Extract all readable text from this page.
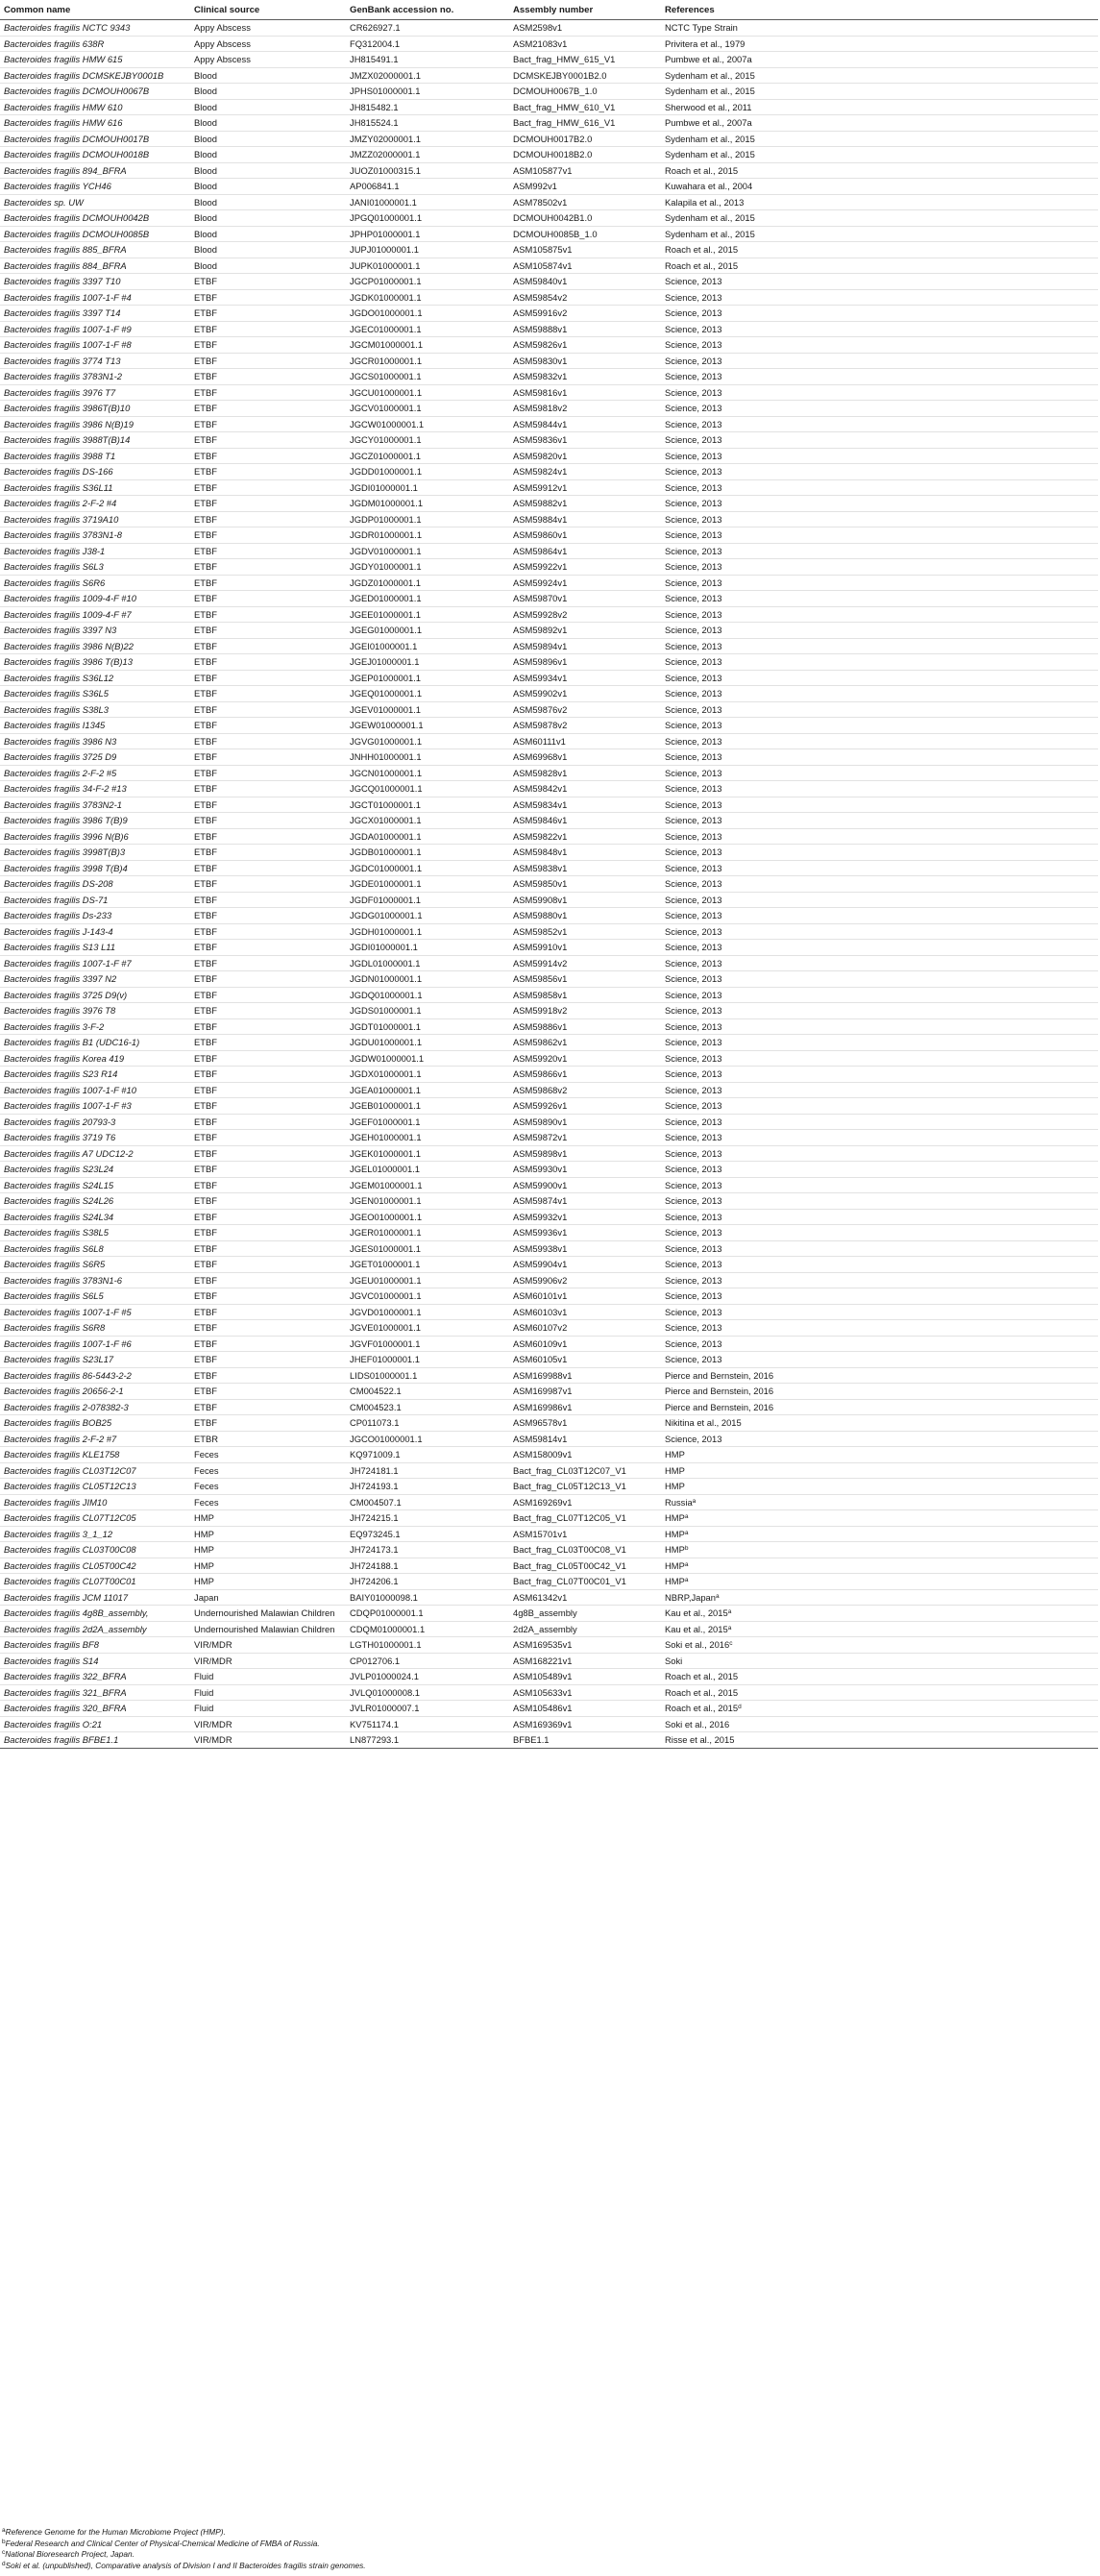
Common name	Clinical source	GenBank accession no.	Assembly number	References
Bacteroides fragilis NCTC 9343	Appy Abscess	CR626927.1	ASM2598v1	NCTC Type Strain
Bacteroides fragilis 638R	Appy Abscess	FQ312004.1	ASM21083v1	Privitera et al., 1979
Bacteroides fragilis HMW 615	Appy Abscess	JH815491.1	Bact_frag_HMW_615_V1	Pumbwe et al., 2007a
Bacteroides fragilis DCMSKEJBY0001B	Blood	JMZX02000001.1	DCMSKEJBY0001B2.0	Sydenham et al., 2015
Bacteroides fragilis DCMOUH0067B	Blood	JPHS01000001.1	DCMOUH0067B_1.0	Sydenham et al., 2015
Bacteroides fragilis HMW 610	Blood	JH815482.1	Bact_frag_HMW_610_V1	Sherwood et al., 2011
Bacteroides fragilis HMW 616	Blood	JH815524.1	Bact_frag_HMW_616_V1	Pumbwe et al., 2007a
Bacteroides fragilis DCMOUH0017B	Blood	JMZY02000001.1	DCMOUH0017B2.0	Sydenham et al., 2015
Bacteroides fragilis DCMOUH0018B	Blood	JMZZ02000001.1	DCMOUH0018B2.0	Sydenham et al., 2015
Bacteroides fragilis 894_BFRA	Blood	JUOZ01000315.1	ASM105877v1	Roach et al., 2015
Bacteroides fragilis YCH46	Blood	AP006841.1	ASM992v1	Kuwahara et al., 2004
Bacteroides sp. UW	Blood	JANI01000001.1	ASM78502v1	Kalapila et al., 2013
Bacteroides fragilis DCMOUH0042B	Blood	JPGQ01000001.1	DCMOUH0042B1.0	Sydenham et al., 2015
Bacteroides fragilis DCMOUH0085B	Blood	JPHP01000001.1	DCMOUH0085B_1.0	Sydenham et al., 2015
Bacteroides fragilis 885_BFRA	Blood	JUPJ01000001.1	ASM105875v1	Roach et al., 2015
Bacteroides fragilis 884_BFRA	Blood	JUPK01000001.1	ASM105874v1	Roach et al., 2015
Bacteroides fragilis 3397 T10	ETBF	JGCP01000001.1	ASM59840v1	Science, 2013
Bacteroides fragilis 1007-1-F #4	ETBF	JGDK01000001.1	ASM59854v2	Science, 2013
Bacteroides fragilis 3397 T14	ETBF	JGDO01000001.1	ASM59916v2	Science, 2013
Bacteroides fragilis 1007-1-F #9	ETBF	JGEC01000001.1	ASM59888v1	Science, 2013
Bacteroides fragilis 1007-1-F #8	ETBF	JGCM01000001.1	ASM59826v1	Science, 2013
Bacteroides fragilis 3774 T13	ETBF	JGCR01000001.1	ASM59830v1	Science, 2013
Bacteroides fragilis 3783N1-2	ETBF	JGCS01000001.1	ASM59832v1	Science, 2013
Bacteroides fragilis 3976 T7	ETBF	JGCU01000001.1	ASM59816v1	Science, 2013
Bacteroides fragilis 3986T(B)10	ETBF	JGCV01000001.1	ASM59818v2	Science, 2013
Bacteroides fragilis 3986 N(B)19	ETBF	JGCW01000001.1	ASM59844v1	Science, 2013
Bacteroides fragilis 3988T(B)14	ETBF	JGCY01000001.1	ASM59836v1	Science, 2013
Bacteroides fragilis 3988 T1	ETBF	JGCZ01000001.1	ASM59820v1	Science, 2013
Bacteroides fragilis DS-166	ETBF	JGDD01000001.1	ASM59824v1	Science, 2013
Bacteroides fragilis S36L11	ETBF	JGDI01000001.1	ASM59912v1	Science, 2013
Bacteroides fragilis 2-F-2 #4	ETBF	JGDM01000001.1	ASM59882v1	Science, 2013
Bacteroides fragilis 3719A10	ETBF	JGDP01000001.1	ASM59884v1	Science, 2013
Bacteroides fragilis 3783N1-8	ETBF	JGDR01000001.1	ASM59860v1	Science, 2013
Bacteroides fragilis J38-1	ETBF	JGDV01000001.1	ASM59864v1	Science, 2013
Bacteroides fragilis S6L3	ETBF	JGDY01000001.1	ASM59922v1	Science, 2013
Bacteroides fragilis S6R6	ETBF	JGDZ01000001.1	ASM59924v1	Science, 2013
Bacteroides fragilis 1009-4-F #10	ETBF	JGED01000001.1	ASM59870v1	Science, 2013
Bacteroides fragilis 1009-4-F #7	ETBF	JGEE01000001.1	ASM59928v2	Science, 2013
Bacteroides fragilis 3397 N3	ETBF	JGEG01000001.1	ASM59892v1	Science, 2013
Bacteroides fragilis 3986 N(B)22	ETBF	JGEI01000001.1	ASM59894v1	Science, 2013
Bacteroides fragilis 3986 T(B)13	ETBF	JGEJ01000001.1	ASM59896v1	Science, 2013
Bacteroides fragilis S36L12	ETBF	JGEP01000001.1	ASM59934v1	Science, 2013
Bacteroides fragilis S36L5	ETBF	JGEQ01000001.1	ASM59902v1	Science, 2013
Bacteroides fragilis S38L3	ETBF	JGEV01000001.1	ASM59876v2	Science, 2013
Bacteroides fragilis I1345	ETBF	JGEW01000001.1	ASM59878v2	Science, 2013
Bacteroides fragilis 3986 N3	ETBF	JGVG01000001.1	ASM60111v1	Science, 2013
Bacteroides fragilis 3725 D9	ETBF	JNHH01000001.1	ASM69968v1	Science, 2013
Bacteroides fragilis 2-F-2 #5	ETBF	JGCN01000001.1	ASM59828v1	Science, 2013
Bacteroides fragilis 34-F-2 #13	ETBF	JGCQ01000001.1	ASM59842v1	Science, 2013
Bacteroides fragilis 3783N2-1	ETBF	JGCT01000001.1	ASM59834v1	Science, 2013
Bacteroides fragilis 3986 T(B)9	ETBF	JGCX01000001.1	ASM59846v1	Science, 2013
Bacteroides fragilis 3996 N(B)6	ETBF	JGDA01000001.1	ASM59822v1	Science, 2013
Bacteroides fragilis 3998T(B)3	ETBF	JGDB01000001.1	ASM59848v1	Science, 2013
Bacteroides fragilis 3998 T(B)4	ETBF	JGDC01000001.1	ASM59838v1	Science, 2013
Bacteroides fragilis DS-208	ETBF	JGDE01000001.1	ASM59850v1	Science, 2013
Bacteroides fragilis DS-71	ETBF	JGDF01000001.1	ASM59908v1	Science, 2013
Bacteroides fragilis Ds-233	ETBF	JGDG01000001.1	ASM59880v1	Science, 2013
Bacteroides fragilis J-143-4	ETBF	JGDH01000001.1	ASM59852v1	Science, 2013
Bacteroides fragilis S13 L11	ETBF	JGDI01000001.1	ASM59910v1	Science, 2013
Bacteroides fragilis 1007-1-F #7	ETBF	JGDL01000001.1	ASM59914v2	Science, 2013
Bacteroides fragilis 3397 N2	ETBF	JGDN01000001.1	ASM59856v1	Science, 2013
Bacteroides fragilis 3725 D9(v)	ETBF	JGDQ01000001.1	ASM59858v1	Science, 2013
Bacteroides fragilis 3976 T8	ETBF	JGDS01000001.1	ASM59918v2	Science, 2013
Bacteroides fragilis 3-F-2	ETBF	JGDT01000001.1	ASM59886v1	Science, 2013
Bacteroides fragilis B1 (UDC16-1)	ETBF	JGDU01000001.1	ASM59862v1	Science, 2013
Bacteroides fragilis Korea 419	ETBF	JGDW01000001.1	ASM59920v1	Science, 2013
Bacteroides fragilis S23 R14	ETBF	JGDX01000001.1	ASM59866v1	Science, 2013
Bacteroides fragilis 1007-1-F #10	ETBF	JGEA01000001.1	ASM59868v2	Science, 2013
Bacteroides fragilis 1007-1-F #3	ETBF	JGEB01000001.1	ASM59926v1	Science, 2013
Bacteroides fragilis 20793-3	ETBF	JGEF01000001.1	ASM59890v1	Science, 2013
Bacteroides fragilis 3719 T6	ETBF	JGEH01000001.1	ASM59872v1	Science, 2013
Bacteroides fragilis A7 UDC12-2	ETBF	JGEK01000001.1	ASM59898v1	Science, 2013
Bacteroides fragilis S23L24	ETBF	JGEL01000001.1	ASM59930v1	Science, 2013
Bacteroides fragilis S24L15	ETBF	JGEM01000001.1	ASM59900v1	Science, 2013
Bacteroides fragilis S24L26	ETBF	JGEN01000001.1	ASM59874v1	Science, 2013
Bacteroides fragilis S24L34	ETBF	JGEO01000001.1	ASM59932v1	Science, 2013
Bacteroides fragilis S38L5	ETBF	JGER01000001.1	ASM59936v1	Science, 2013
Bacteroides fragilis S6L8	ETBF	JGES01000001.1	ASM59938v1	Science, 2013
Bacteroides fragilis S6R5	ETBF	JGET01000001.1	ASM59904v1	Science, 2013
Bacteroides fragilis 3783N1-6	ETBF	JGEU01000001.1	ASM59906v2	Science, 2013
Bacteroides fragilis S6L5	ETBF	JGVC01000001.1	ASM60101v1	Science, 2013
Bacteroides fragilis 1007-1-F #5	ETBF	JGVD01000001.1	ASM60103v1	Science, 2013
Bacteroides fragilis S6R8	ETBF	JGVE01000001.1	ASM60107v2	Science, 2013
Bacteroides fragilis 1007-1-F #6	ETBF	JGVF01000001.1	ASM60109v1	Science, 2013
Bacteroides fragilis S23L17	ETBF	JHEF01000001.1	ASM60105v1	Science, 2013
Bacteroides fragilis 86-5443-2-2	ETBF	LIDS01000001.1	ASM169988v1	Pierce and Bernstein, 2016
Bacteroides fragilis 20656-2-1	ETBF	CM004522.1	ASM169987v1	Pierce and Bernstein, 2016
Bacteroides fragilis 2-078382-3	ETBF	CM004523.1	ASM169986v1	Pierce and Bernstein, 2016
Bacteroides fragilis BOB25	ETBF	CP011073.1	ASM96578v1	Nikitina et al., 2015
Bacteroides fragilis 2-F-2 #7	ETBR	JGCO01000001.1	ASM59814v1	Science, 2013
Bacteroides fragilis KLE1758	Feces	KQ971009.1	ASM158009v1	HMP
Bacteroides fragilis CL03T12C07	Feces	JH724181.1	Bact_frag_CL03T12C07_V1	HMP
Bacteroides fragilis CL05T12C13	Feces	JH724193.1	Bact_frag_CL05T12C13_V1	HMP
Bacteroides fragilis JIM10	Feces	CM004507.1	ASM169269v1	Russia$^a$
Bacteroides fragilis CL07T12C05	HMP	JH724215.1	Bact_frag_CL07T12C05_V1	HMP$^a$
Bacteroides fragilis 3_1_12	HMP	EQ973245.1	ASM15701v1	HMP$^a$
Bacteroides fragilis CL03T00C08	HMP	JH724173.1	Bact_frag_CL03T00C08_V1	HMP$^b$
Bacteroides fragilis CL05T00C42	HMP	JH724188.1	Bact_frag_CL05T00C42_V1	HMP$^a$
Bacteroides fragilis CL07T00C01	HMP	JH724206.1	Bact_frag_CL07T00C01_V1	HMP$^a$
Bacteroides fragilis JCM 11017	Japan	BAIY01000098.1	ASM61342v1	NBRP,Japan$^a$
Bacteroides fragilis 4g8B_assembly,	Undernourished Malawian Children	CDQP01000001.1	4g8B_assembly	Kau et al., 2015$^a$
Bacteroides fragilis 2d2A_assembly	Undernourished Malawian Children	CDQM01000001.1	2d2A_assembly	Kau et al., 2015$^a$
Bacteroides fragilis BF8	VIR/MDR	LGTH01000001.1	ASM169535v1	Soki et al., 2016$^c$
Bacteroides fragilis S14	VIR/MDR	CP012706.1	ASM168221v1	Soki
Bacteroides fragilis 322_BFRA	Fluid	JVLP01000024.1	ASM105489v1	Roach et al., 2015
Bacteroides fragilis 321_BFRA	Fluid	JVLQ01000008.1	ASM105633v1	Roach et al., 2015
Bacteroides fragilis 320_BFRA	Fluid	JVLR01000007.1	ASM105486v1	Roach et al., 2015$^d$
Bacteroides fragilis O:21	VIR/MDR	KV751174.1	ASM169369v1	Soki et al., 2016
Bacteroides fragilis BFBE1.1	VIR/MDR	LN877293.1	BFBE1.1	Risse et al., 2015
$^a$Reference Genome for the Human Microbiome Project (HMP).
$^b$Federal Research and Clinical Center of Physical-Chemical Medicine of FMBA of Russia.
$^c$National Bioresearch Project, Japan.
$^d$Soki et al. (unpublished), Comparative analysis of Division I and II Bacteroides fragilis strain genomes.
